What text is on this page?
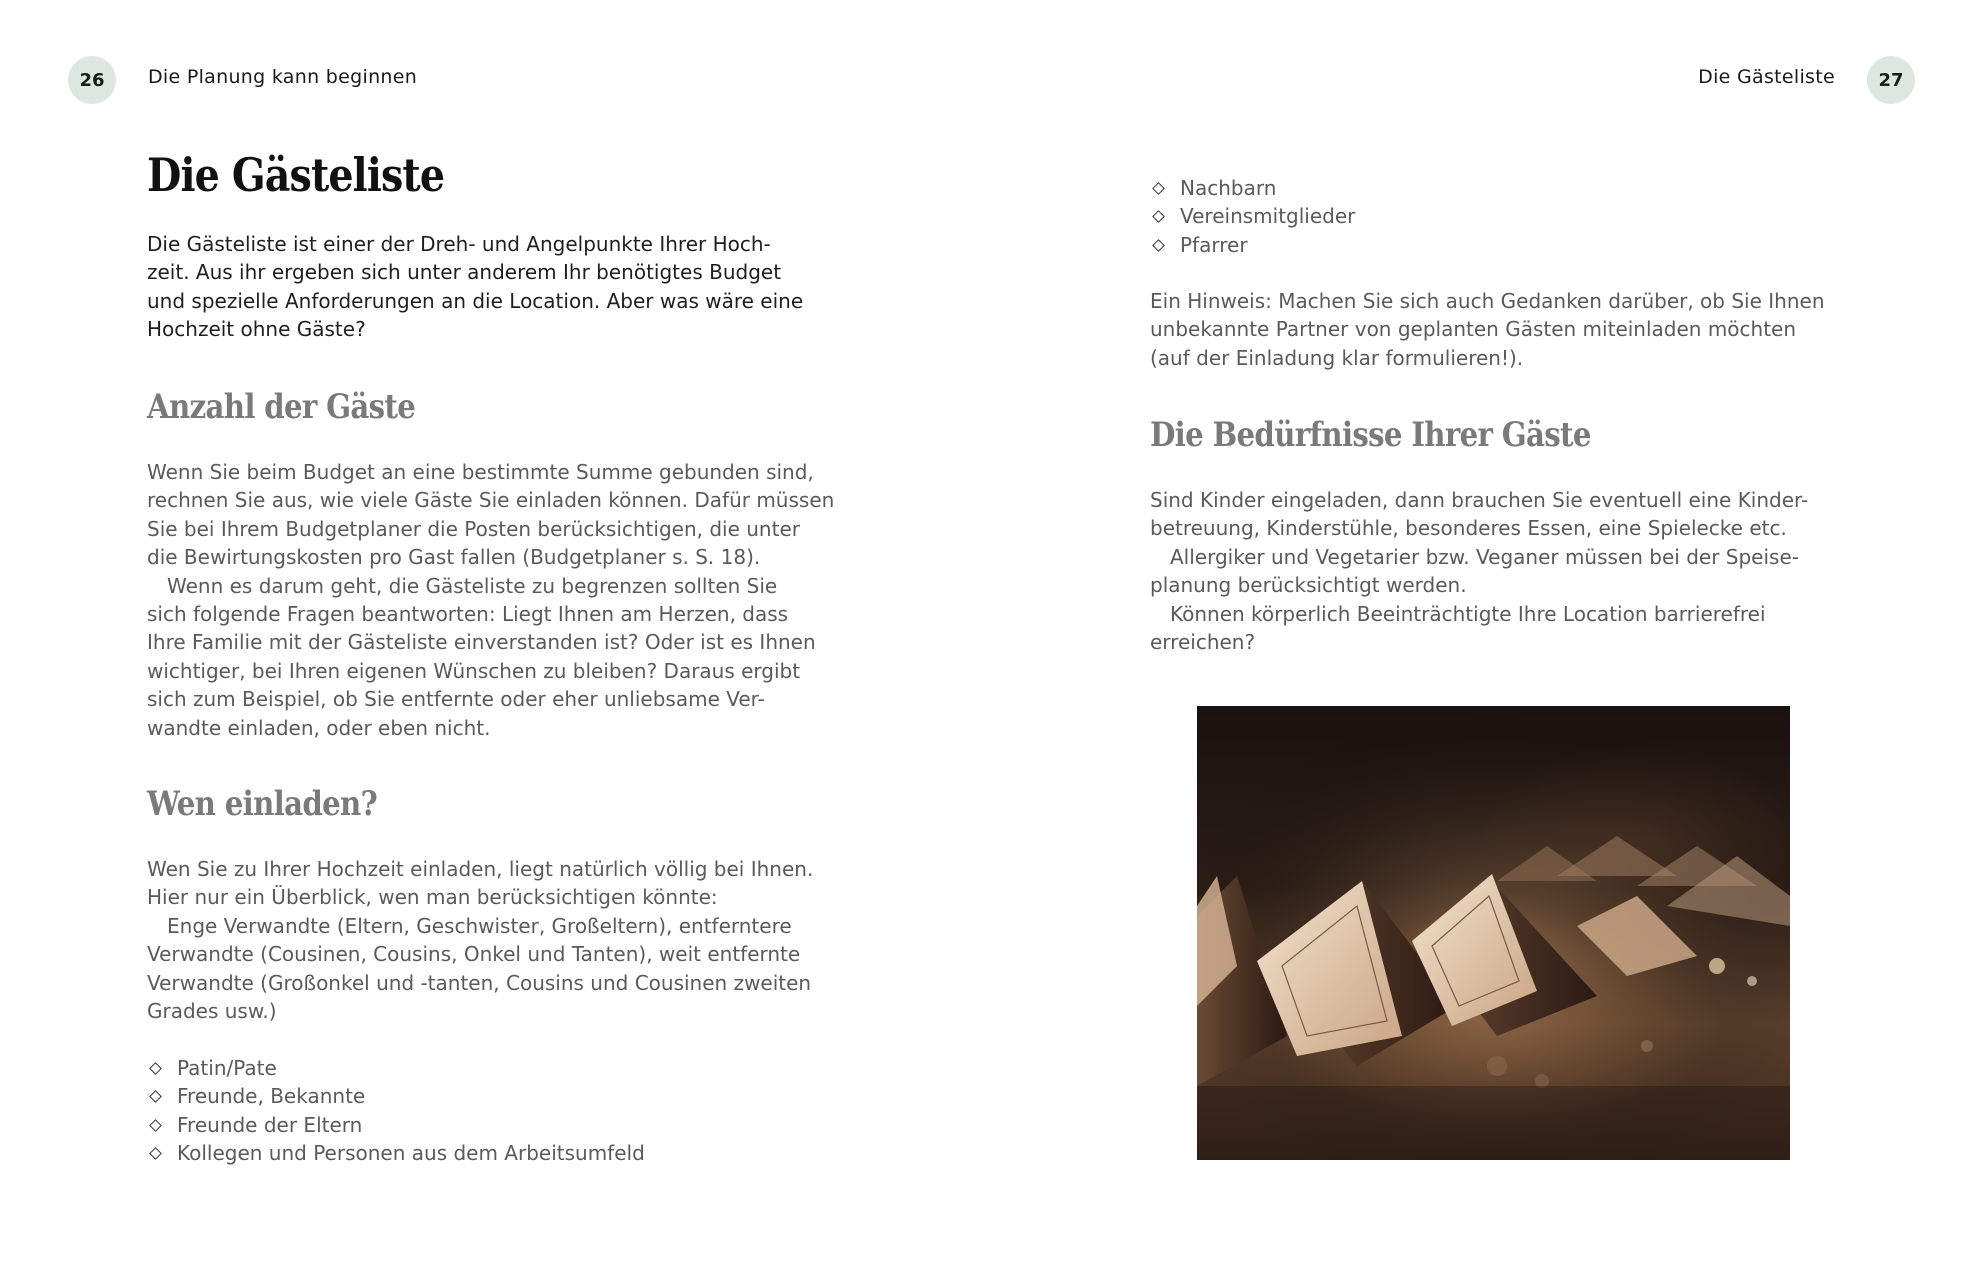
26	Die Planung kann beginnen	Die Gästeliste	27
Die Gästeliste

Die Gästeliste ist einer der Dreh- und Angelpunkte Ihrer Hoch-
zeit. Aus ihr ergeben sich unter anderem Ihr benötigtes Budget
und spezielle Anforderungen an die Location. Aber was wäre eine
Hochzeit ohne Gäste?

Anzahl der Gäste

Wenn Sie beim Budget an eine bestimmte Summe gebunden sind,
rechnen Sie aus, wie viele Gäste Sie einladen können. Dafür müssen
Sie bei Ihrem Budgetplaner die Posten berücksichtigen, die unter
die Bewirtungskosten pro Gast fallen (Budgetplaner s. S. 18).
Wenn es darum geht, die Gästeliste zu begrenzen sollten Sie
sich folgende Fragen beantworten: Liegt Ihnen am Herzen, dass
Ihre Familie mit der Gästeliste einverstanden ist? Oder ist es Ihnen
wichtiger, bei Ihren eigenen Wünschen zu bleiben? Daraus ergibt
sich zum Beispiel, ob Sie entfernte oder eher unliebsame Ver-
wandte einladen, oder eben nicht.

Wen einladen?

Wen Sie zu Ihrer Hochzeit einladen, liegt natürlich völlig bei Ihnen.
Hier nur ein Überblick, wen man berücksichtigen könnte:
Enge Verwandte (Eltern, Geschwister, Großeltern), entferntere
Verwandte (Cousinen, Cousins, Onkel und Tanten), weit entfernte
Verwandte (Großonkel und -tanten, Cousins und Cousinen zweiten
Grades usw.)

Patin/Pate
Freunde, Bekannte
Freunde der Eltern
Kollegen und Personen aus dem Arbeitsumfeld
Nachbarn
Vereinsmitglieder
Pfarrer

Ein Hinweis: Machen Sie sich auch Gedanken darüber, ob Sie Ihnen
unbekannte Partner von geplanten Gästen miteinladen möchten
(auf der Einladung klar formulieren!).

Die Bedürfnisse Ihrer Gäste

Sind Kinder eingeladen, dann brauchen Sie eventuell eine Kinder-
betreuung, Kinderstühle, besonderes Essen, eine Spielecke etc.
Allergiker und Vegetarier bzw. Veganer müssen bei der Speise-
planung berücksichtigt werden.
Können körperlich Beeinträchtigte Ihre Location barrierefrei
erreichen?
